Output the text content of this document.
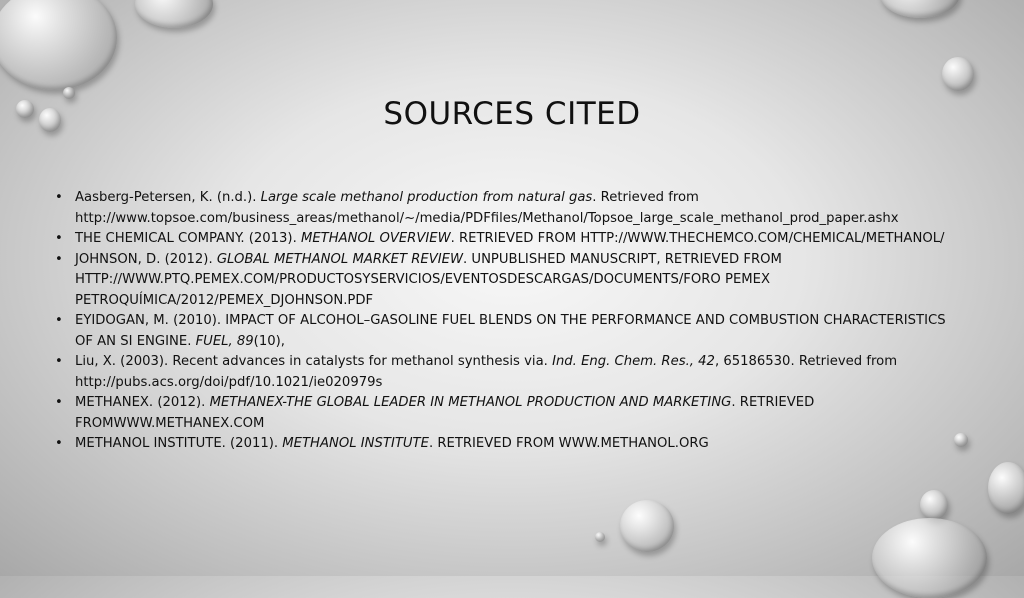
SOURCES CITED
• Aasberg-Petersen, K. (n.d.). Large scale methanol production from natural gas. Retrieved from http://www.topsoe.com/business_areas/methanol/~/media/PDFfiles/Methanol/Topsoe_large_scale_methanol_prod_paper.ashx
• THE CHEMICAL COMPANY. (2013). METHANOL OVERVIEW. RETRIEVED FROM HTTP://WWW.THECHEMCO.COM/CHEMICAL/METHANOL/
• JOHNSON, D. (2012). GLOBAL METHANOL MARKET REVIEW. UNPUBLISHED MANUSCRIPT, RETRIEVED FROM HTTP://WWW.PTQ.PEMEX.COM/PRODUCTOSYSERVICIOS/EVENTOSDESCARGAS/DOCUMENTS/FORO PEMEX PETROQUÍMICA/2012/PEMEX_DJOHNSON.PDF
• EYIDOGAN, M. (2010). IMPACT OF ALCOHOL–GASOLINE FUEL BLENDS ON THE PERFORMANCE AND COMBUSTION CHARACTERISTICS OF AN SI ENGINE. FUEL, 89(10),
• Liu, X. (2003). Recent advances in catalysts for methanol synthesis via. Ind. Eng. Chem. Res., 42, 65186530. Retrieved from http://pubs.acs.org/doi/pdf/10.1021/ie020979s
• METHANEX. (2012). METHANEX-THE GLOBAL LEADER IN METHANOL PRODUCTION AND MARKETING. RETRIEVED FROMWWW.METHANEX.COM
• METHANOL INSTITUTE. (2011). METHANOL INSTITUTE. RETRIEVED FROM WWW.METHANOL.ORG
